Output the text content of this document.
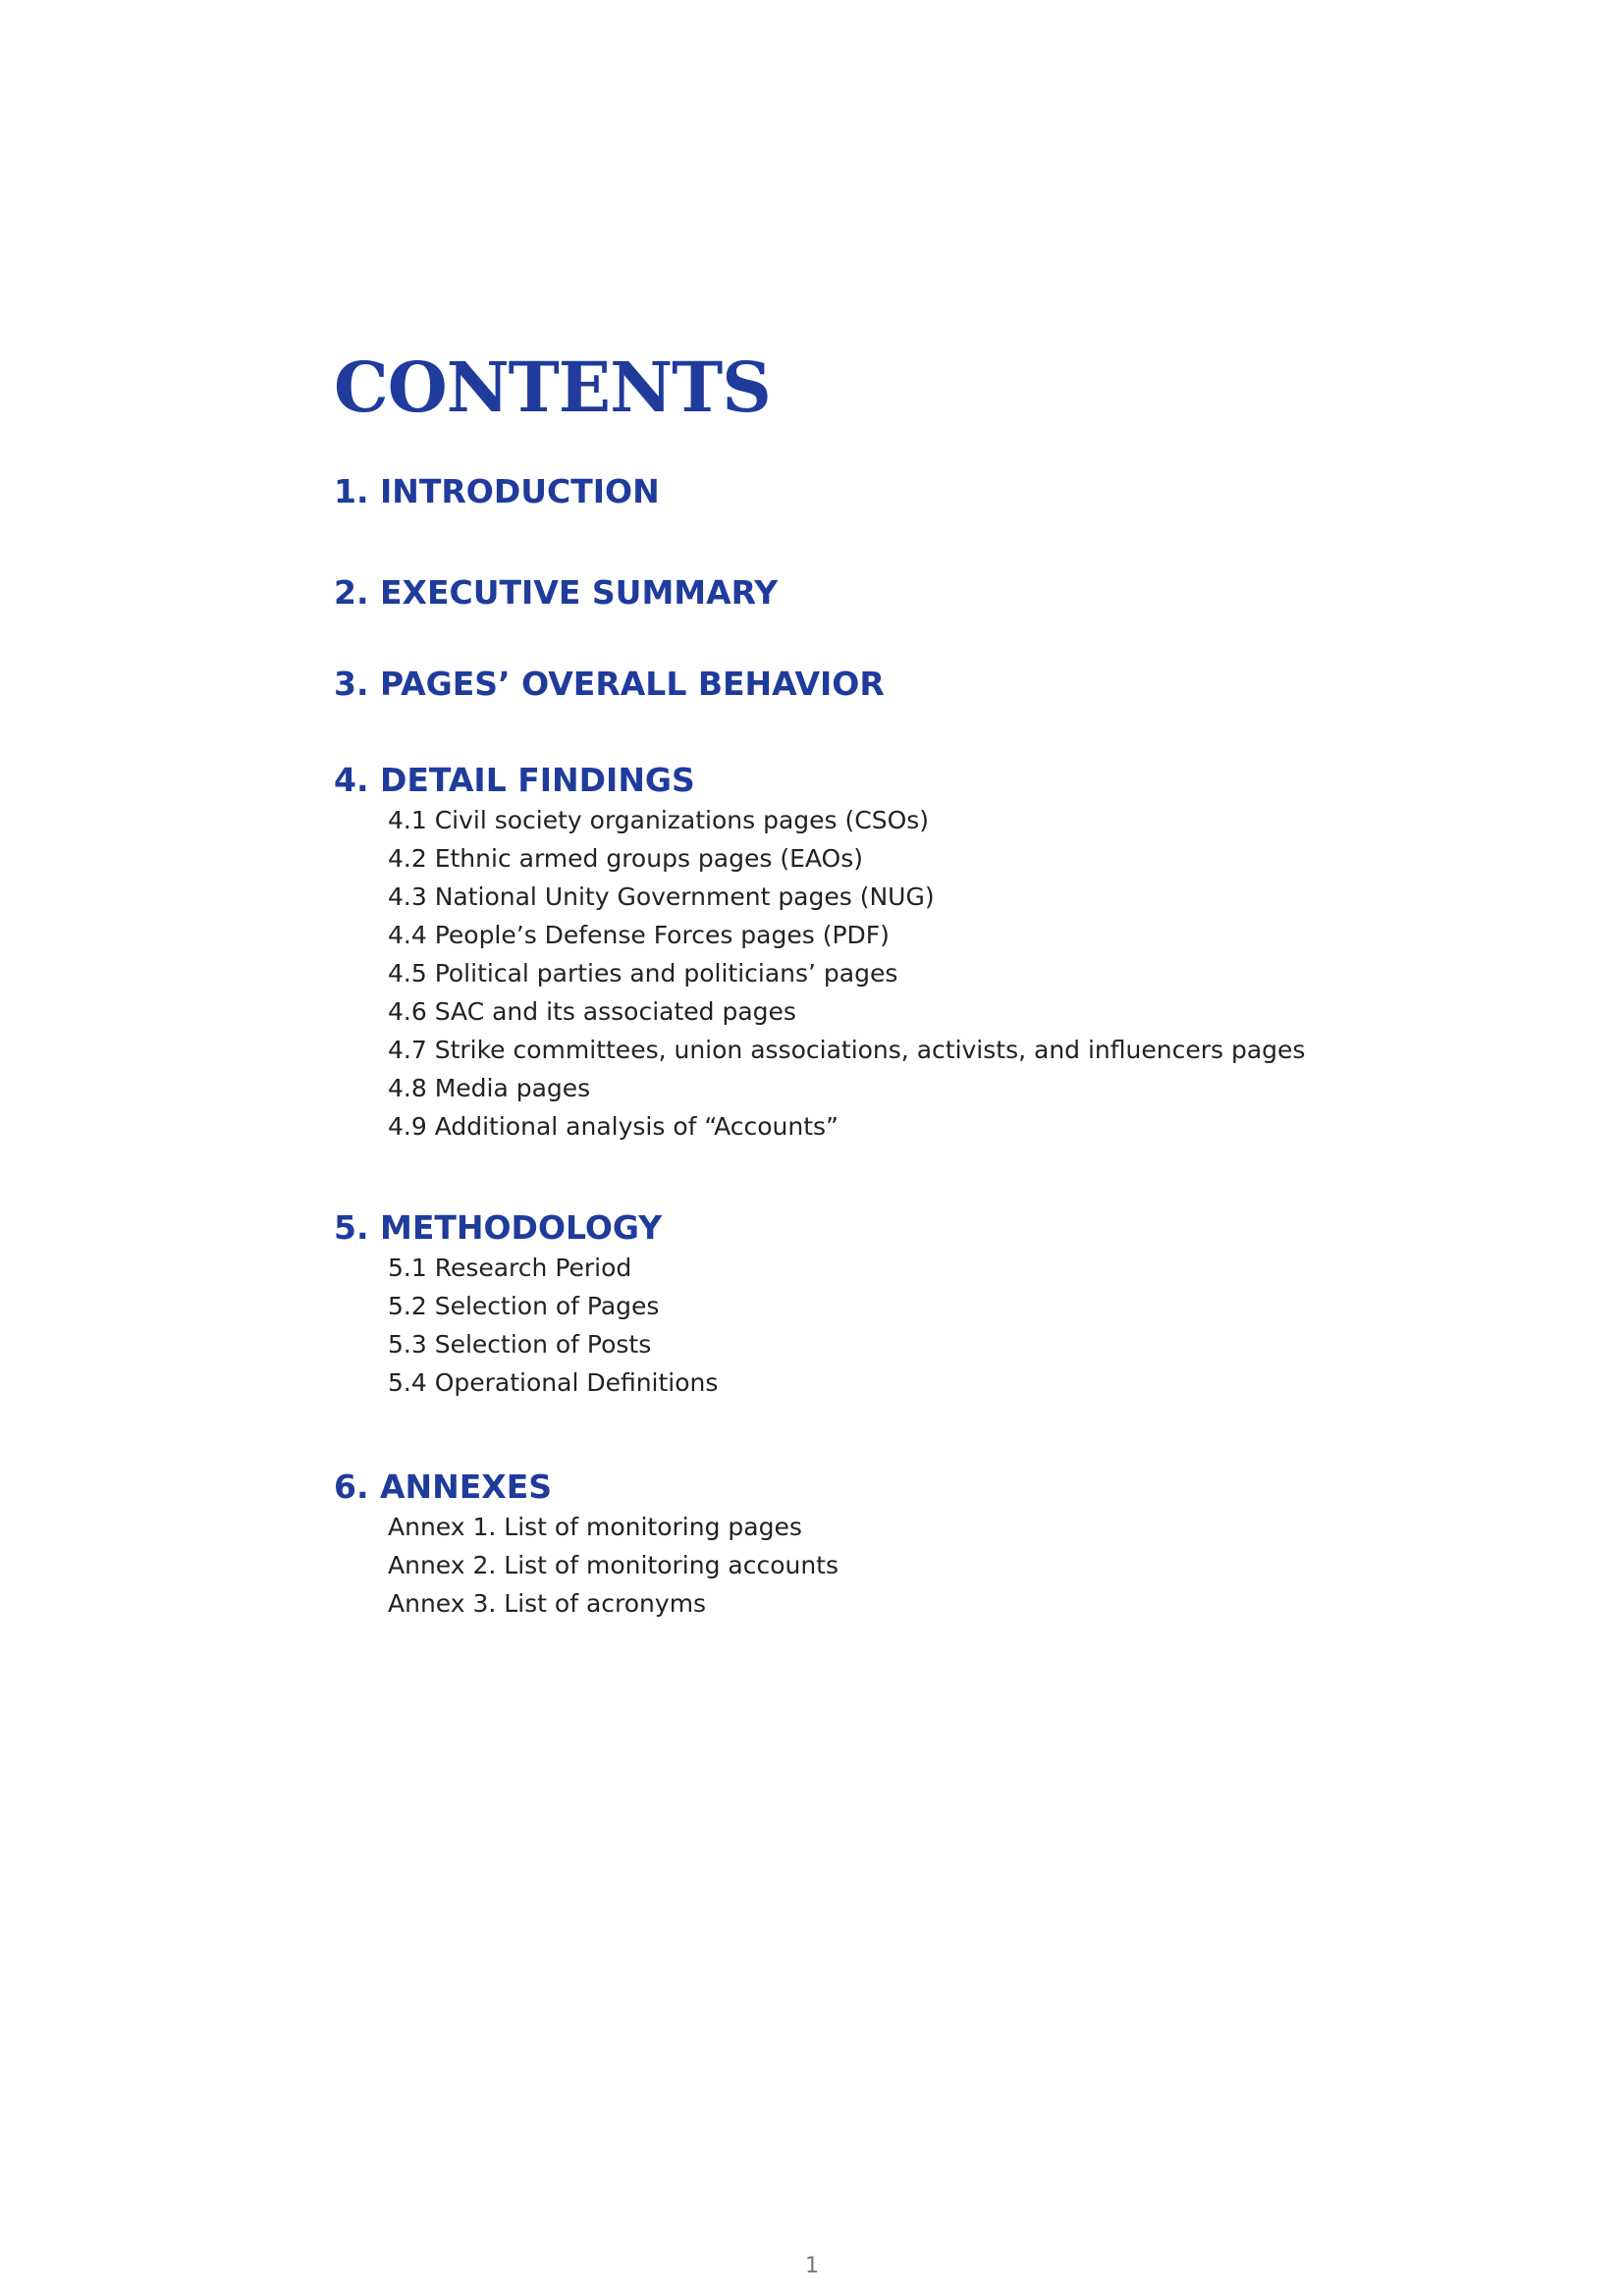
CONTENTS
1. INTRODUCTION
2. EXECUTIVE SUMMARY
3. PAGES’ OVERALL BEHAVIOR
4. DETAIL FINDINGS
4.1 Civil society organizations pages (CSOs)
4.2 Ethnic armed groups pages (EAOs)
4.3 National Unity Government pages (NUG)
4.4 People’s Defense Forces pages (PDF)
4.5 Political parties and politicians’ pages
4.6 SAC and its associated pages
4.7 Strike committees, union associations, activists, and influencers pages
4.8 Media pages
4.9 Additional analysis of “Accounts”
5. METHODOLOGY
5.1 Research Period
5.2 Selection of Pages
5.3 Selection of Posts
5.4 Operational Definitions
6. ANNEXES
Annex 1. List of monitoring pages
Annex 2. List of monitoring accounts
Annex 3. List of acronyms
1
